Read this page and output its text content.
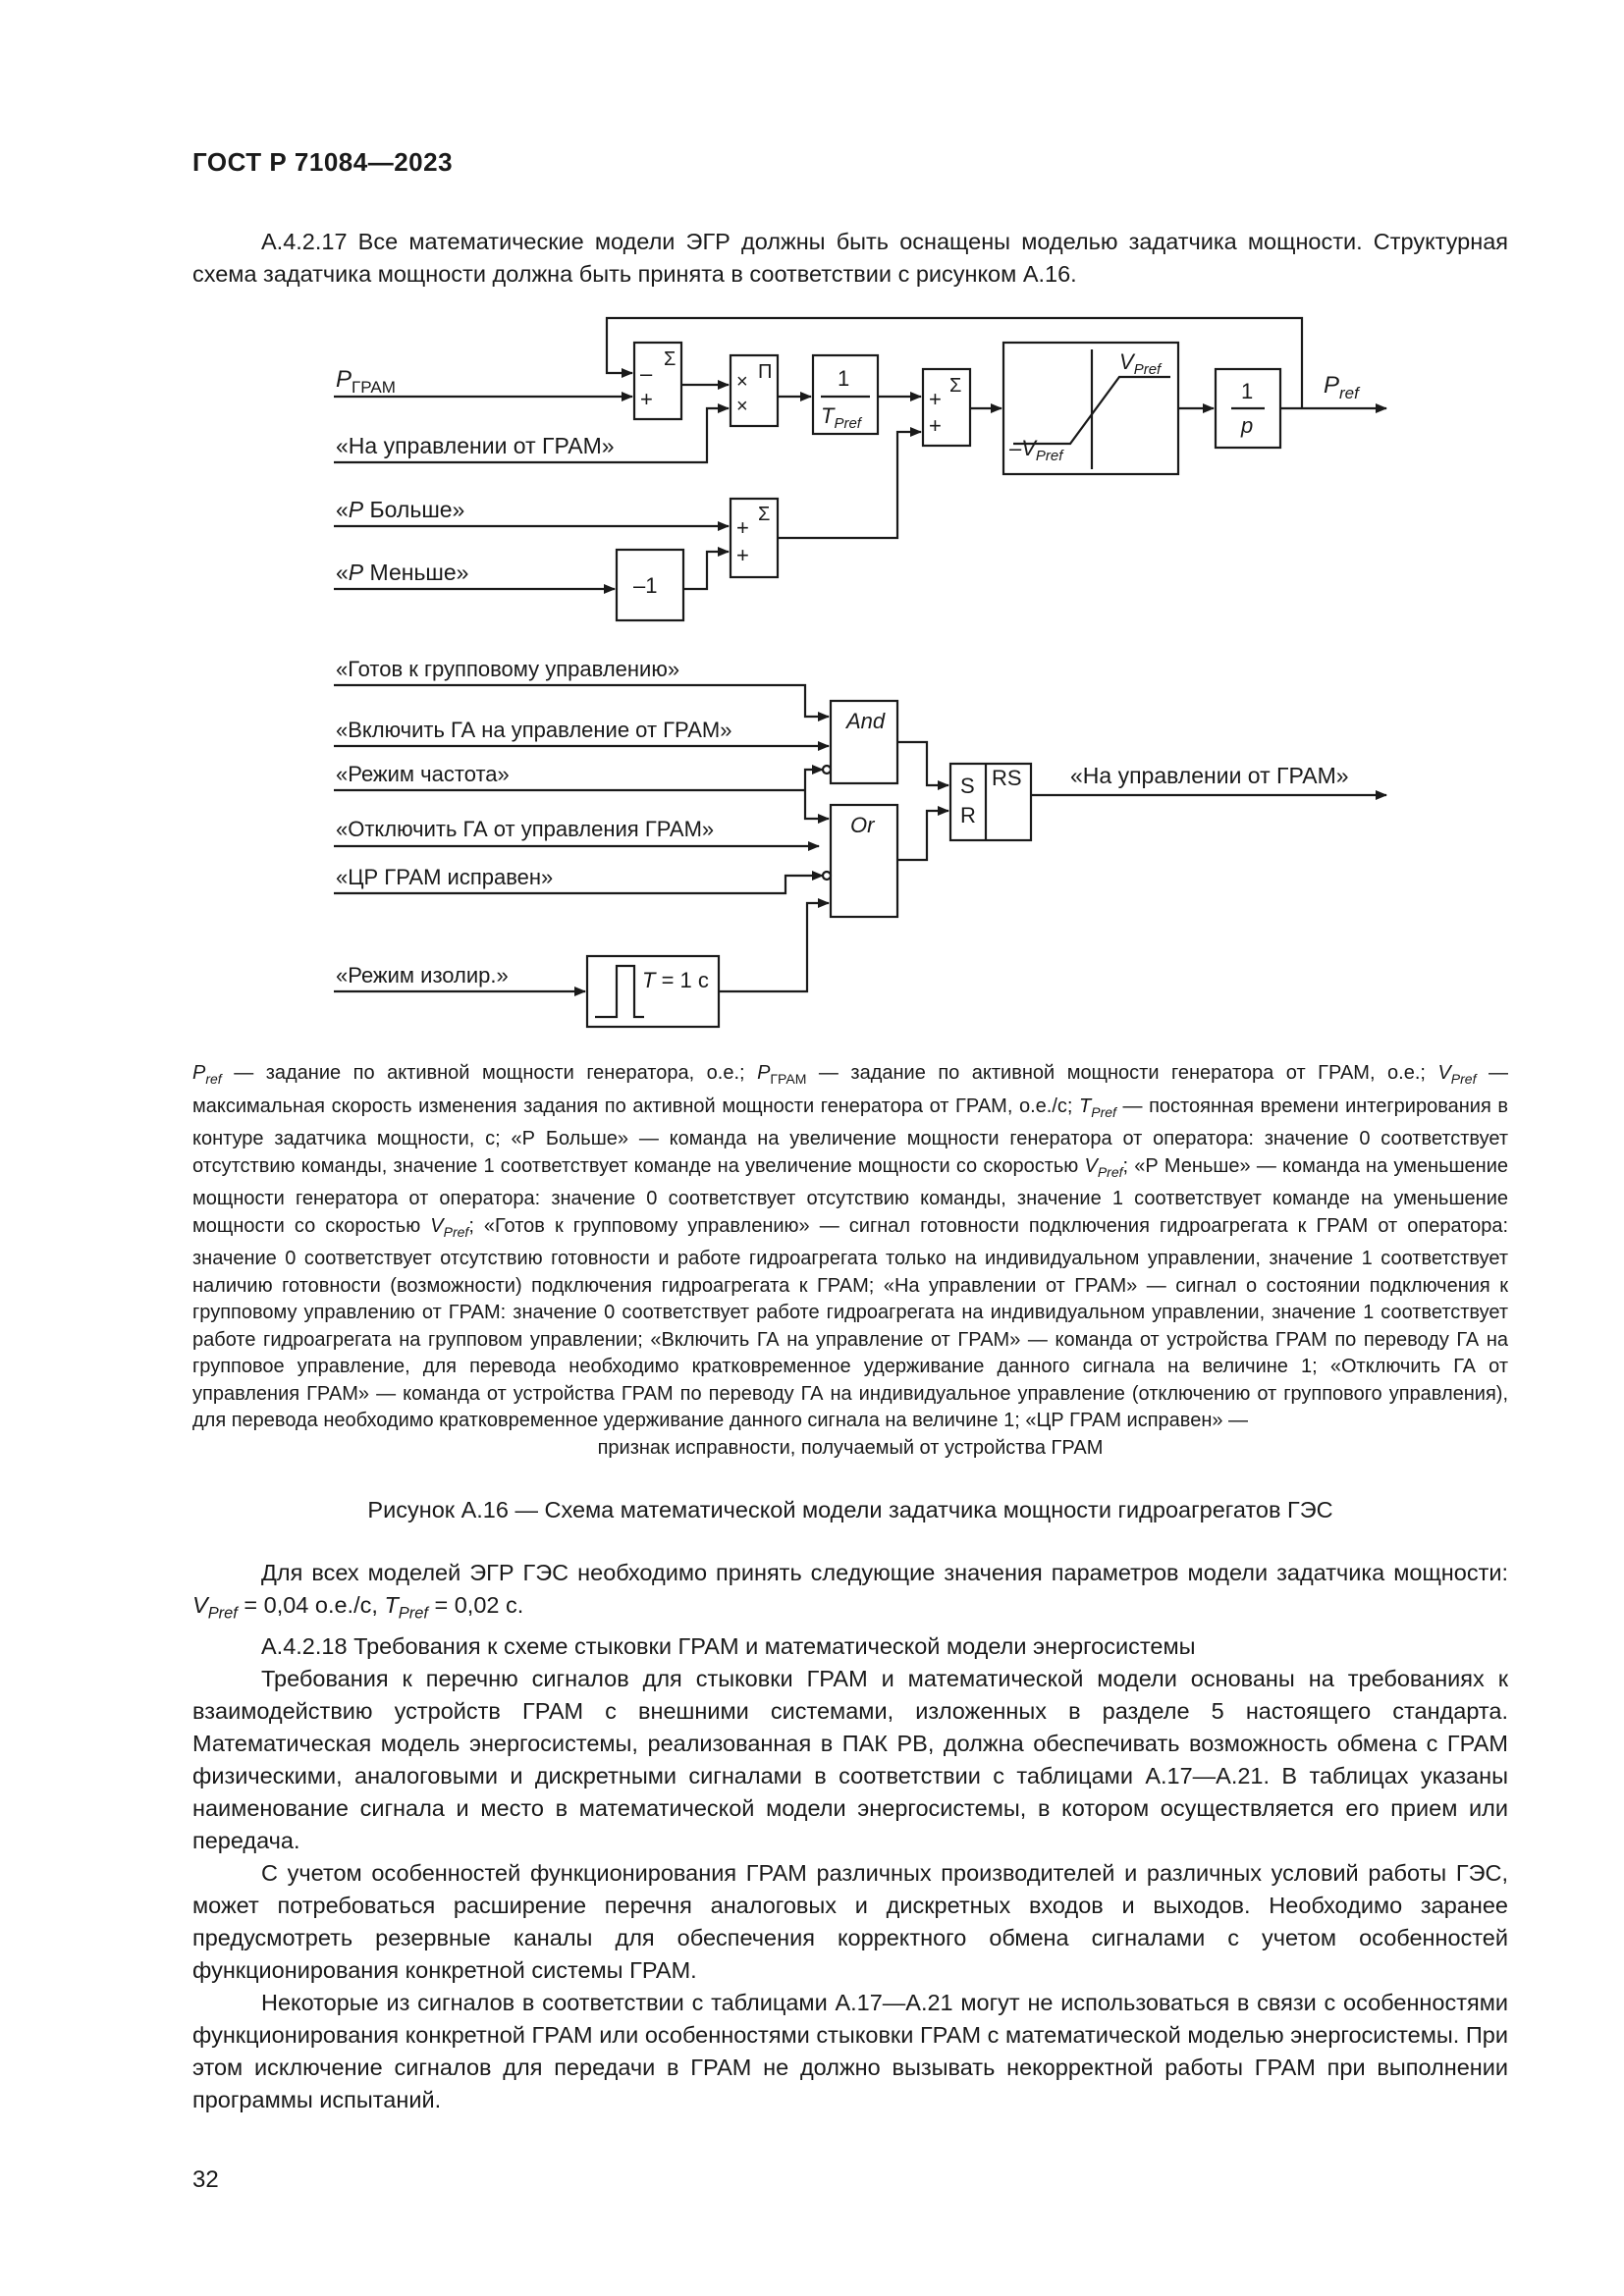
ГОСТ Р 71084—2023

А.4.2.17 Все математические модели ЭГР должны быть оснащены моделью задатчика мощности. Структурная схема задатчика мощности должна быть принята в соответствии с рисунком А.16.

$P_{ГРАМ}$
Σ
–
+
Π
×
×
«На управлении от ГРАМ»
1
$T_{Pref}$
Σ
+
+
$V_{Pref}$
$-V_{Pref}$
1
p
$P_{ref}$
«P Больше»	Σ
+
+
«P Меньше»
–1
«Готов к групповому управлению»
«Включить ГА на управление от ГРАМ»	And
«Режим частота»
Or
«Отключить ГА от управления ГРАМ»
«ЦР ГРАМ исправен»
«Режим изолир.»	T = 1 с
S
R
RS «На управлении от ГРАМ»
$P_{ref}$ — задание по активной мощности генератора, о.е.; $P_{ГРАМ}$ — задание по активной мощности генератора от ГРАМ, о.е.; $V_{Pref}$ — максимальная скорость изменения задания по активной мощности генератора от ГРАМ, о.е./с; $T_{Pref}$ — постоянная времени интегрирования в контуре задатчика мощности, с; «Р Больше» — команда на увеличение мощности генератора от оператора: значение 0 соответствует отсутствию команды, значение 1 соответствует команде на увеличение мощности со скоростью $V_{Pref}$; «Р Меньше» — команда на уменьшение мощности генератора от оператора: значение 0 соответствует отсутствию команды, значение 1 соответствует команде на уменьшение мощности со скоростью $V_{Pref}$; «Готов к групповому управлению» — сигнал готовности подключения гидроагрегата к ГРАМ от оператора: значение 0 соответствует отсутствию готовности и работе гидроагрегата только на индивидуальном управлении, значение 1 соответствует наличию готовности (возможности) подключения гидроагрегата к ГРАМ; «На управлении от ГРАМ» — сигнал о состоянии подключения к групповому управлению от ГРАМ: значение 0 соответствует работе гидроагрегата на индивидуальном управлении, значение 1 соответствует работе гидроагрегата на групповом управлении; «Включить ГА на управление от ГРАМ» — команда от устройства ГРАМ по переводу ГА на групповое управление, для перевода необходимо кратковременное удерживание данного сигнала на величине 1; «Отключить ГА от управления ГРАМ» — команда от устройства ГРАМ по переводу ГА на индивидуальное управление (отключению от группового управления), для перевода необходимо кратковременное удерживание данного сигнала на величине 1; «ЦР ГРАМ исправен» —
признак исправности, получаемый от устройства ГРАМ
Рисунок А.16 — Схема математической модели задатчика мощности гидроагрегатов ГЭС

Для всех моделей ЭГР ГЭС необходимо принять следующие значения параметров модели задатчика мощности: $V_{Pref} = 0,04$ о.е./с, $T_{Pref} = 0,02$ с.

А.4.2.18 Требования к схеме стыковки ГРАМ и математической модели энергосистемы

Требования к перечню сигналов для стыковки ГРАМ и математической модели основаны на требованиях к взаимодействию устройств ГРАМ с внешними системами, изложенных в разделе 5 настоящего стандарта. Математическая модель энергосистемы, реализованная в ПАК РВ, должна обеспечивать возможность обмена с ГРАМ физическими, аналоговыми и дискретными сигналами в соответствии с таблицами А.17—А.21. В таблицах указаны наименование сигнала и место в математической модели энергосистемы, в котором осуществляется его прием или передача.

С учетом особенностей функционирования ГРАМ различных производителей и различных условий работы ГЭС, может потребоваться расширение перечня аналоговых и дискретных входов и выходов. Необходимо заранее предусмотреть резервные каналы для обеспечения корректного обмена сигналами с учетом особенностей функционирования конкретной системы ГРАМ.

Некоторые из сигналов в соответствии с таблицами А.17—А.21 могут не использоваться в связи с особенностями функционирования конкретной ГРАМ или особенностями стыковки ГРАМ с математической моделью энергосистемы. При этом исключение сигналов для передачи в ГРАМ не должно вызывать некорректной работы ГРАМ при выполнении программы испытаний.

32
